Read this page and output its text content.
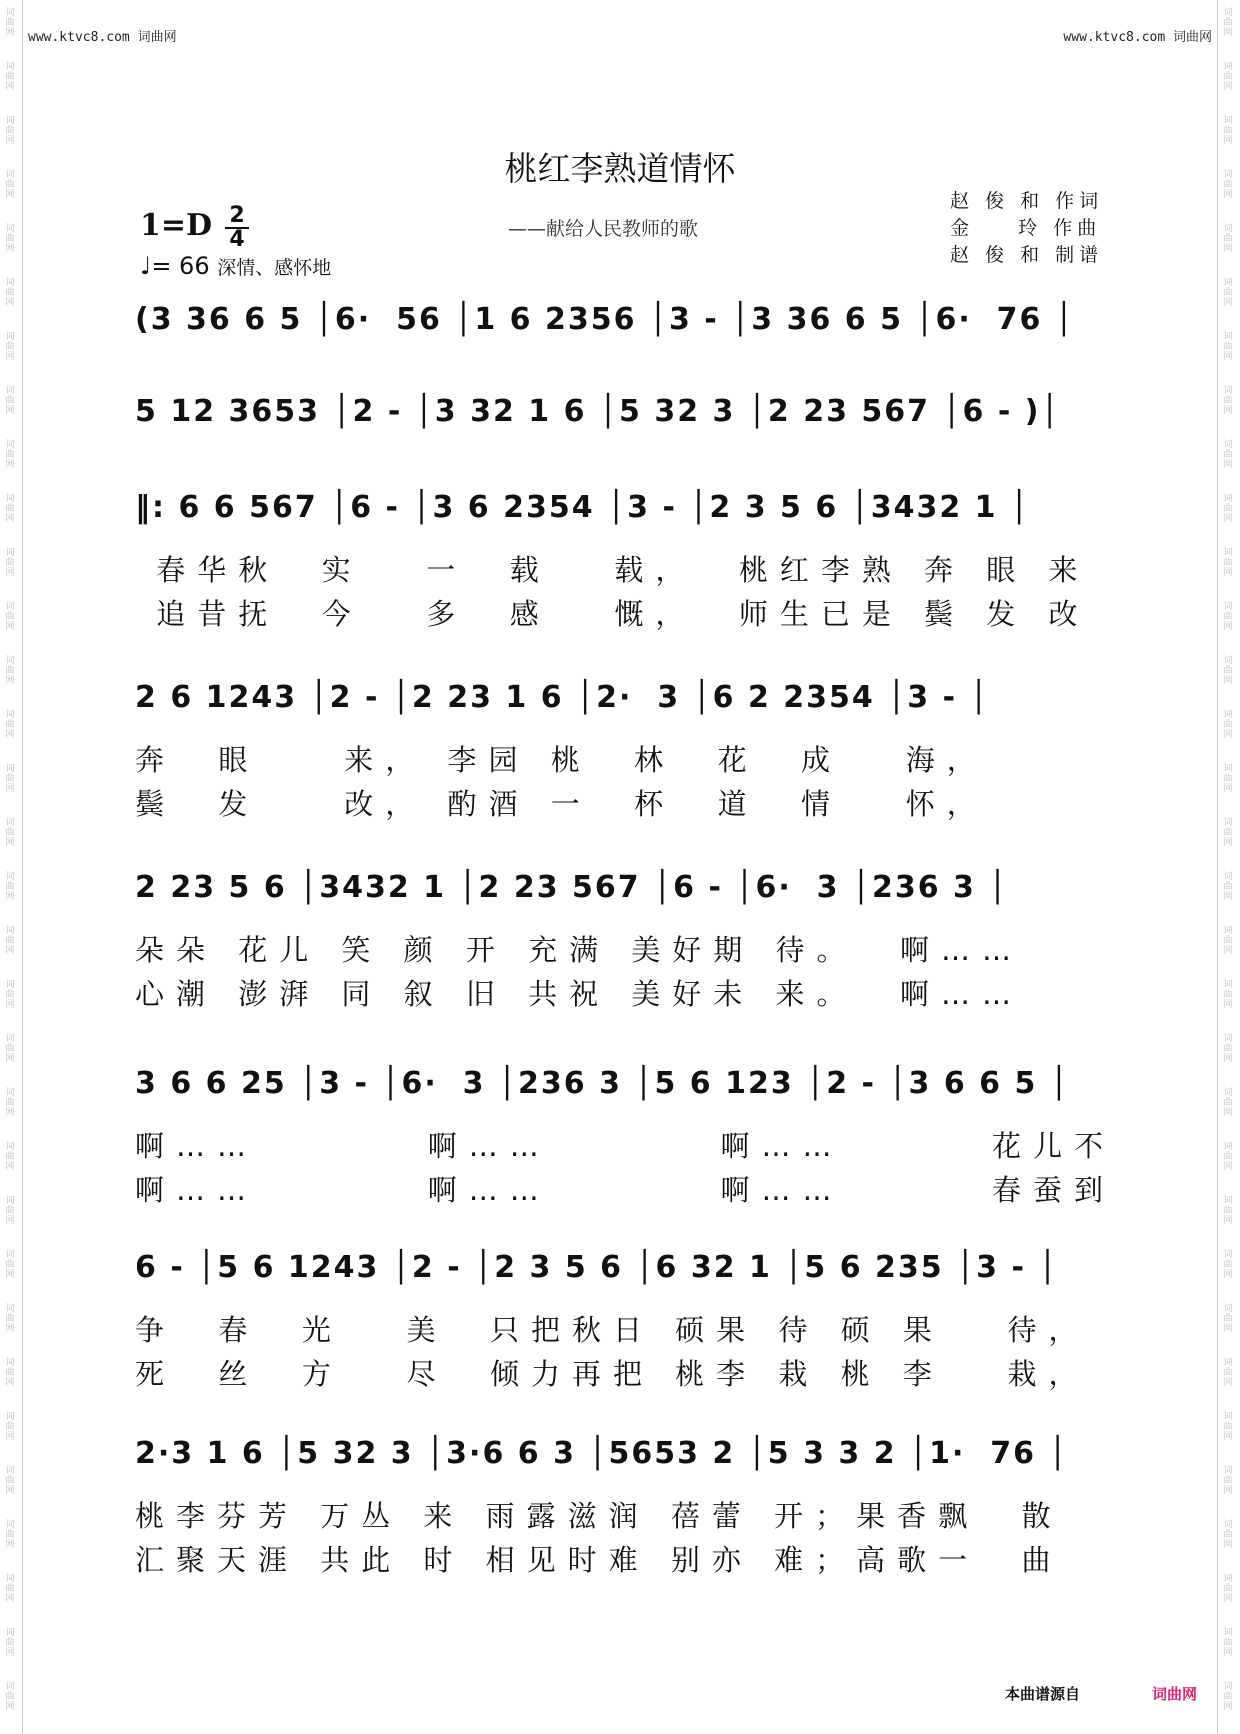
词曲网
词曲网
词曲网
词曲网
词曲网
词曲网
词曲网
词曲网
词曲网
词曲网
词曲网
词曲网
词曲网
词曲网
词曲网
词曲网
词曲网
词曲网
词曲网
词曲网
词曲网
词曲网
词曲网
词曲网
词曲网
词曲网
词曲网
词曲网
词曲网
词曲网
词曲网
词曲网
词曲网
词曲网
词曲网
词曲网
词曲网
词曲网
词曲网
词曲网
词曲网
词曲网
词曲网
词曲网
词曲网
词曲网
词曲网
词曲网
词曲网
词曲网
词曲网
词曲网
词曲网
词曲网
词曲网
词曲网
词曲网
词曲网
词曲网
词曲网
词曲网
词曲网
词曲网
词曲网
www.ktvc8.com 词曲网	www.ktvc8.com 词曲网
桃红李熟道情怀
——献给人民教师的歌
赵 俊 和 作词
金    玲 作曲
赵 俊 和 制谱
$1=D \frac{2}{4}$
♩= 66 深情、感怀地
(3 36 6 5 │6·  56 │1 6 2356 │3 - │3 36 6 5 │6·  76 │
5 12 3653 │2 - │3 32 1 6 │5 32 3 │2 23 567 │6 - )│
‖: 6 6 567 │6 - │3 6 2354 │3 - │2 3 5 6 │3432 1 │
春华秋  实   一  载   载，  桃红李熟 奔 眼 来
追昔抚  今   多  感   慨，  师生已是 鬓 发 改
2 6 1243 │2 - │2 23 1 6 │2·  3 │6 2 2354 │3 - │
奔  眼    来， 李园 桃  林  花  成   海，
鬓  发    改， 酌酒 一  杯  道  情   怀，
2 23 5 6 │3432 1 │2 23 567 │6 - │6·  3 │236 3 │
朵朵 花儿 笑 颜 开 充满 美好期 待。  啊……
心潮 澎湃 同 叙 旧 共祝 美好未 来。  啊……
3 6 6 25 │3 - │6·  3 │236 3 │5 6 123 │2 - │3 6 6 5 │
啊……        啊……        啊……       花儿不
啊……        啊……        啊……       春蚕到
6 - │5 6 1243 │2 - │2 3 5 6 │6 32 1 │5 6 235 │3 - │
争  春  光   美  只把秋日 硕果 待 硕 果   待，
死  丝  方   尽  倾力再把 桃李 栽 桃 李   栽，
2·3 1 6 │5 32 3 │3·6 6 3 │5653 2 │5 3 3 2 │1·  76 │
桃李芬芳 万丛 来 雨露滋润 蓓蕾 开；果香飘  散
汇聚天涯 共此 时 相见时难 别亦 难；高歌一  曲
本曲谱源自	词曲网
